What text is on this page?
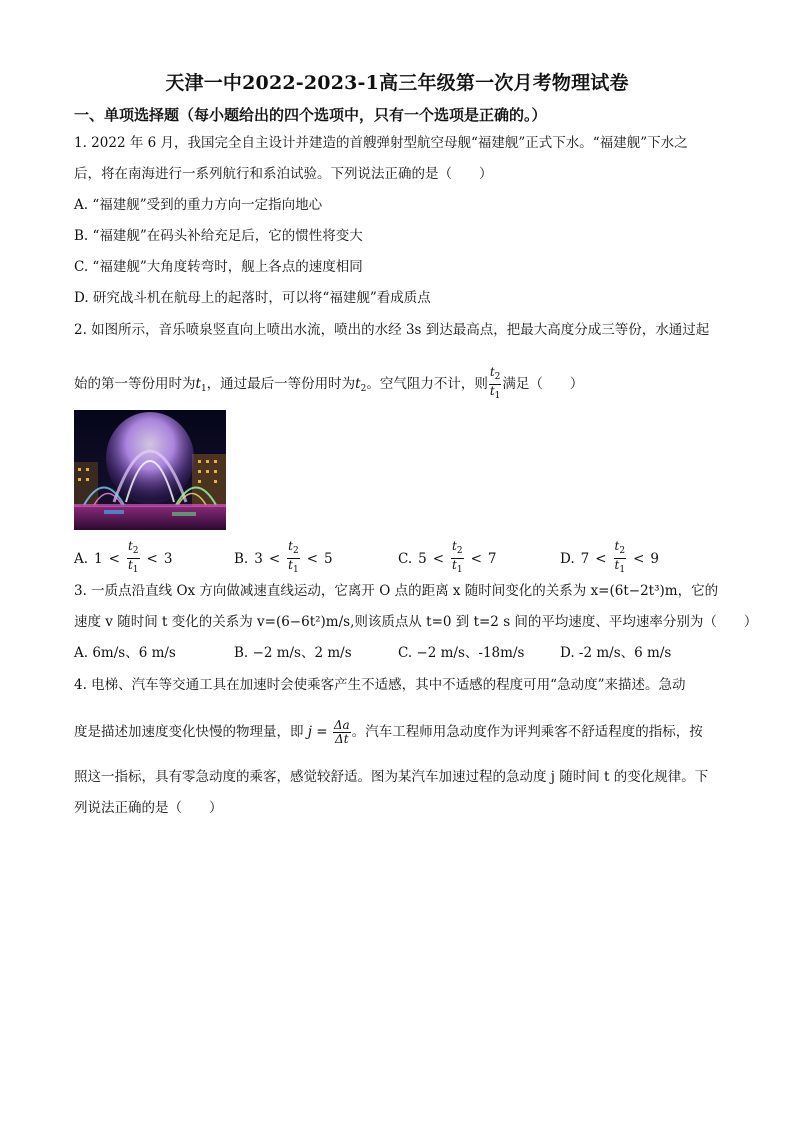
天津一中2022-2023-1高三年级第一次月考物理试卷
一、单项选择题（每小题给出的四个选项中，只有一个选项是正确的。）
1. 2022 年 6 月，我国完全自主设计并建造的首艘弹射型航空母舰“福建舰”正式下水。“福建舰”下水之
后，将在南海进行一系列航行和系泊试验。下列说法正确的是（　　）
A. “福建舰”受到的重力方向一定指向地心
B. “福建舰”在码头补给充足后，它的惯性将变大
C. “福建舰”大角度转弯时，舰上各点的速度相同
D. 研究战斗机在航母上的起落时，可以将“福建舰”看成质点
2. 如图所示，音乐喷泉竖直向上喷出水流，喷出的水经 3s 到达最高点，把最大高度分成三等份，水通过起
始的第一等份用时为$t_1$，通过最后一等份用时为$t_2$。空气阻力不计，则 $\frac{t_2}{t_1}$ 满足（　　）
A. $1 < \frac{t_2}{t_1} < 3$	B. $3 < \frac{t_2}{t_1} < 5$	C. $5 < \frac{t_2}{t_1} < 7$	D. $7 < \frac{t_2}{t_1} < 9$
3. 一质点沿直线 Ox 方向做减速直线运动，它离开 O 点的距离 x 随时间变化的关系为 x=(6t−2t³)m，它的
速度 v 随时间 t 变化的关系为 v=(6−6t²)m/s,则该质点从 t=0 到 t=2 s 间的平均速度、平均速率分别为（　　）
A. 6m/s、6 m/s	B. −2 m/s、2 m/s	C. −2 m/s、-18m/s	D. -2 m/s、6 m/s
4. 电梯、汽车等交通工具在加速时会使乘客产生不适感，其中不适感的程度可用“急动度”来描述。急动
度是描述加速度变化快慢的物理量，即 $j = \frac{\Delta a}{\Delta t}$ 。汽车工程师用急动度作为评判乘客不舒适程度的指标，按
照这一指标，具有零急动度的乘客，感觉较舒适。图为某汽车加速过程的急动度 j 随时间 t 的变化规律。下
列说法正确的是（　　）
